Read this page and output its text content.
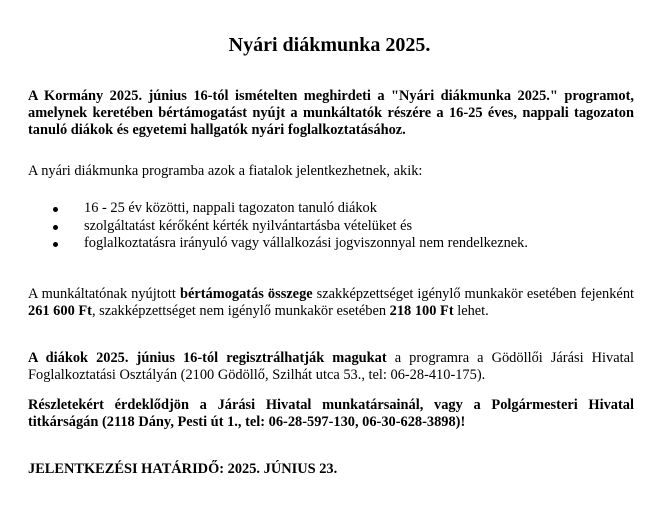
Nyári diákmunka 2025.
A Kormány 2025. június 16-tól ismételten meghirdeti a "Nyári diákmunka 2025." programot, amelynek keretében bértámogatást nyújt a munkáltatók részére a 16-25 éves, nappali tagozaton tanuló diákok és egyetemi hallgatók nyári foglalkoztatásához.
A nyári diákmunka programba azok a fiatalok jelentkezhetnek, akik:
16 - 25 év közötti, nappali tagozaton tanuló diákok
szolgáltatást kérőként kérték nyilvántartásba vételüket és
foglalkoztatásra irányuló vagy vállalkozási jogviszonnyal nem rendelkeznek.
A munkáltatónak nyújtott bértámogatás összege szakképzettséget igénylő munkakör esetében fejenként 261 600 Ft, szakképzettséget nem igénylő munkakör esetében 218 100 Ft lehet.
A diákok 2025. június 16-tól regisztrálhatják magukat a programra a Gödöllői Járási Hivatal Foglalkoztatási Osztályán (2100 Gödöllő, Szilhát utca 53., tel: 06-28-410-175).
Részletekért érdeklődjön a Járási Hivatal munkatársainál, vagy a Polgármesteri Hivatal titkárságán (2118 Dány, Pesti út 1., tel: 06-28-597-130, 06-30-628-3898)!
JELENTKEZÉSI HATÁRIDŐ: 2025. JÚNIUS 23.
